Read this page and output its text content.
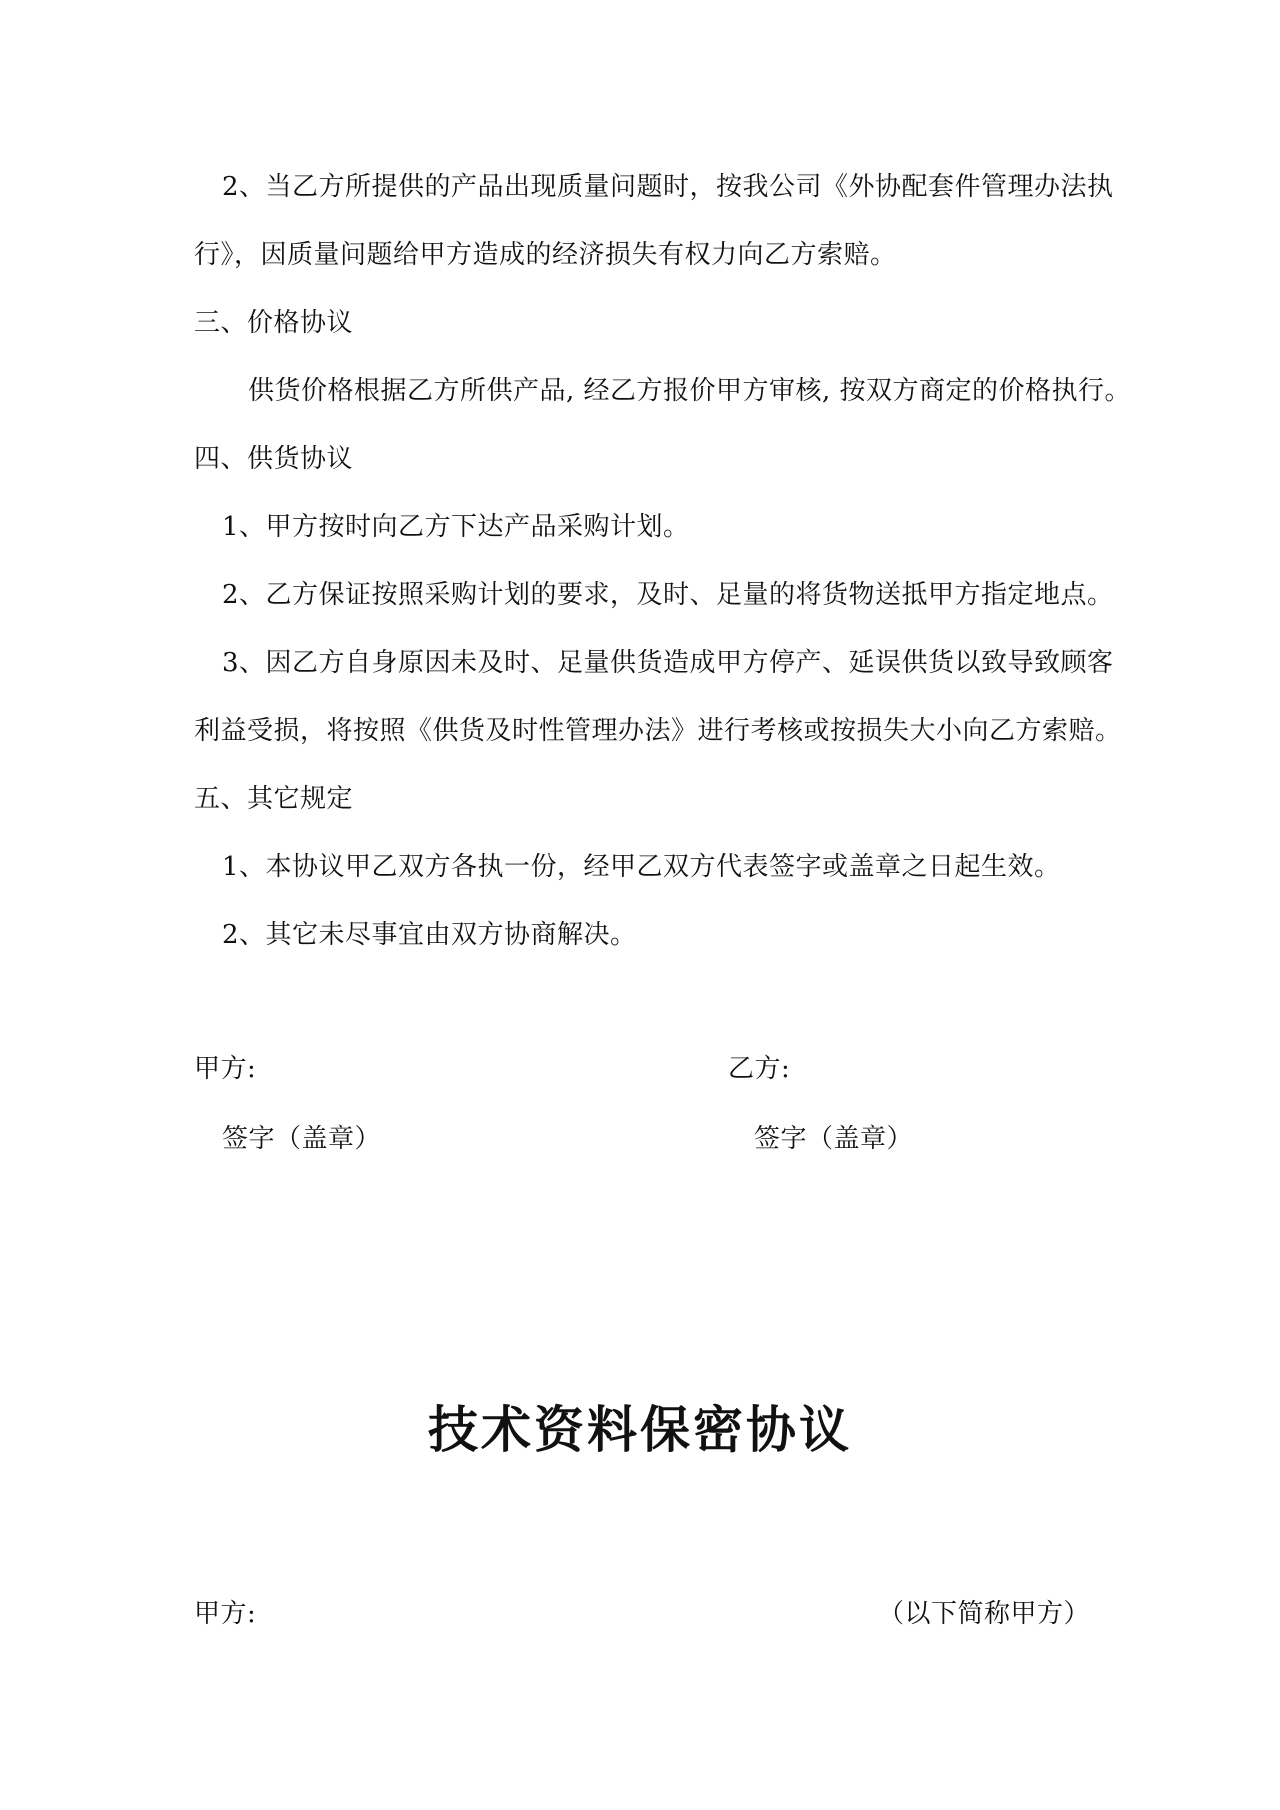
2、当乙方所提供的产品出现质量问题时，按我公司《外协配套件管理办法执
行》，因质量问题给甲方造成的经济损失有权力向乙方索赔。
三、价格协议
供货价格根据乙方所供产品, 经乙方报价甲方审核, 按双方商定的价格执行。
四、供货协议
1、甲方按时向乙方下达产品采购计划。
2、乙方保证按照采购计划的要求，及时、足量的将货物送抵甲方指定地点。
3、因乙方自身原因未及时、足量供货造成甲方停产、延误供货以致导致顾客
利益受损，将按照《供货及时性管理办法》进行考核或按损失大小向乙方索赔。
五、其它规定
1、本协议甲乙双方各执一份，经甲乙双方代表签字或盖章之日起生效。
2、其它未尽事宜由双方协商解决。
甲方:	乙方:
签字（盖章）	签字（盖章）
技术资料保密协议
甲方:	（以下简称甲方）
